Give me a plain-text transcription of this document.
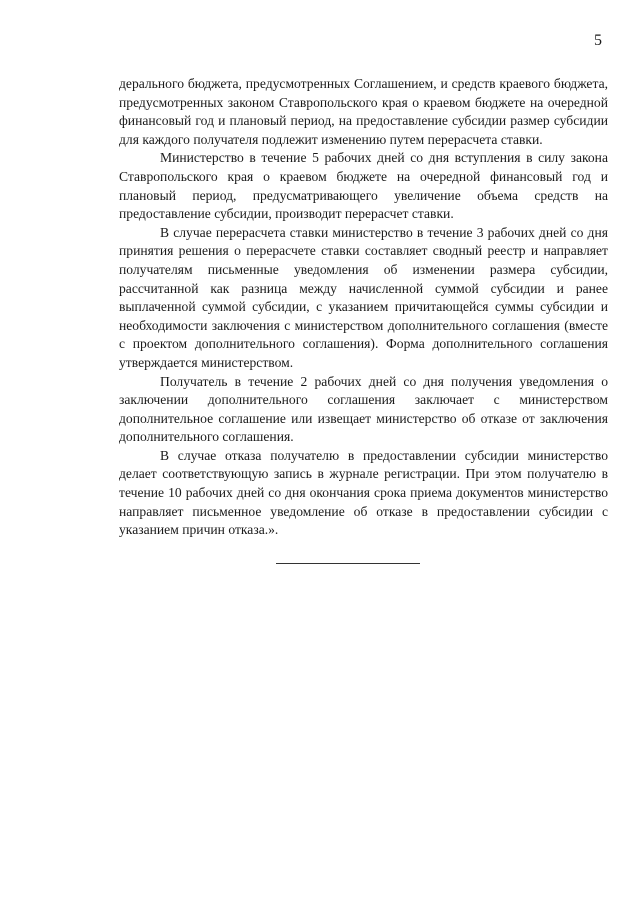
5

дерального бюджета, предусмотренных Соглашением, и средств краевого бюджета, предусмотренных законом Ставропольского края о краевом бюджете на очередной финансовый год и плановый период, на предоставление субсидии размер субсидии для каждого получателя подлежит изменению путем перерасчета ставки.

Министерство в течение 5 рабочих дней со дня вступления в силу закона Ставропольского края о краевом бюджете на очередной финансовый год и плановый период, предусматривающего увеличение объема средств на предоставление субсидии, производит перерасчет ставки.

В случае перерасчета ставки министерство в течение 3 рабочих дней со дня принятия решения о перерасчете ставки составляет сводный реестр и направляет получателям письменные уведомления об изменении размера субсидии, рассчитанной как разница между начисленной суммой субсидии и ранее выплаченной суммой субсидии, с указанием причитающейся суммы субсидии и необходимости заключения с министерством дополнительного соглашения (вместе с проектом дополнительного соглашения). Форма дополнительного соглашения утверждается министерством.

Получатель в течение 2 рабочих дней со дня получения уведомления о заключении дополнительного соглашения заключает с министерством дополнительное соглашение или извещает министерство об отказе от заключения дополнительного соглашения.

В случае отказа получателю в предоставлении субсидии министерство делает соответствующую запись в журнале регистрации. При этом получателю в течение 10 рабочих дней со дня окончания срока приема документов министерство направляет письменное уведомление об отказе в предоставлении субсидии с указанием причин отказа.».
